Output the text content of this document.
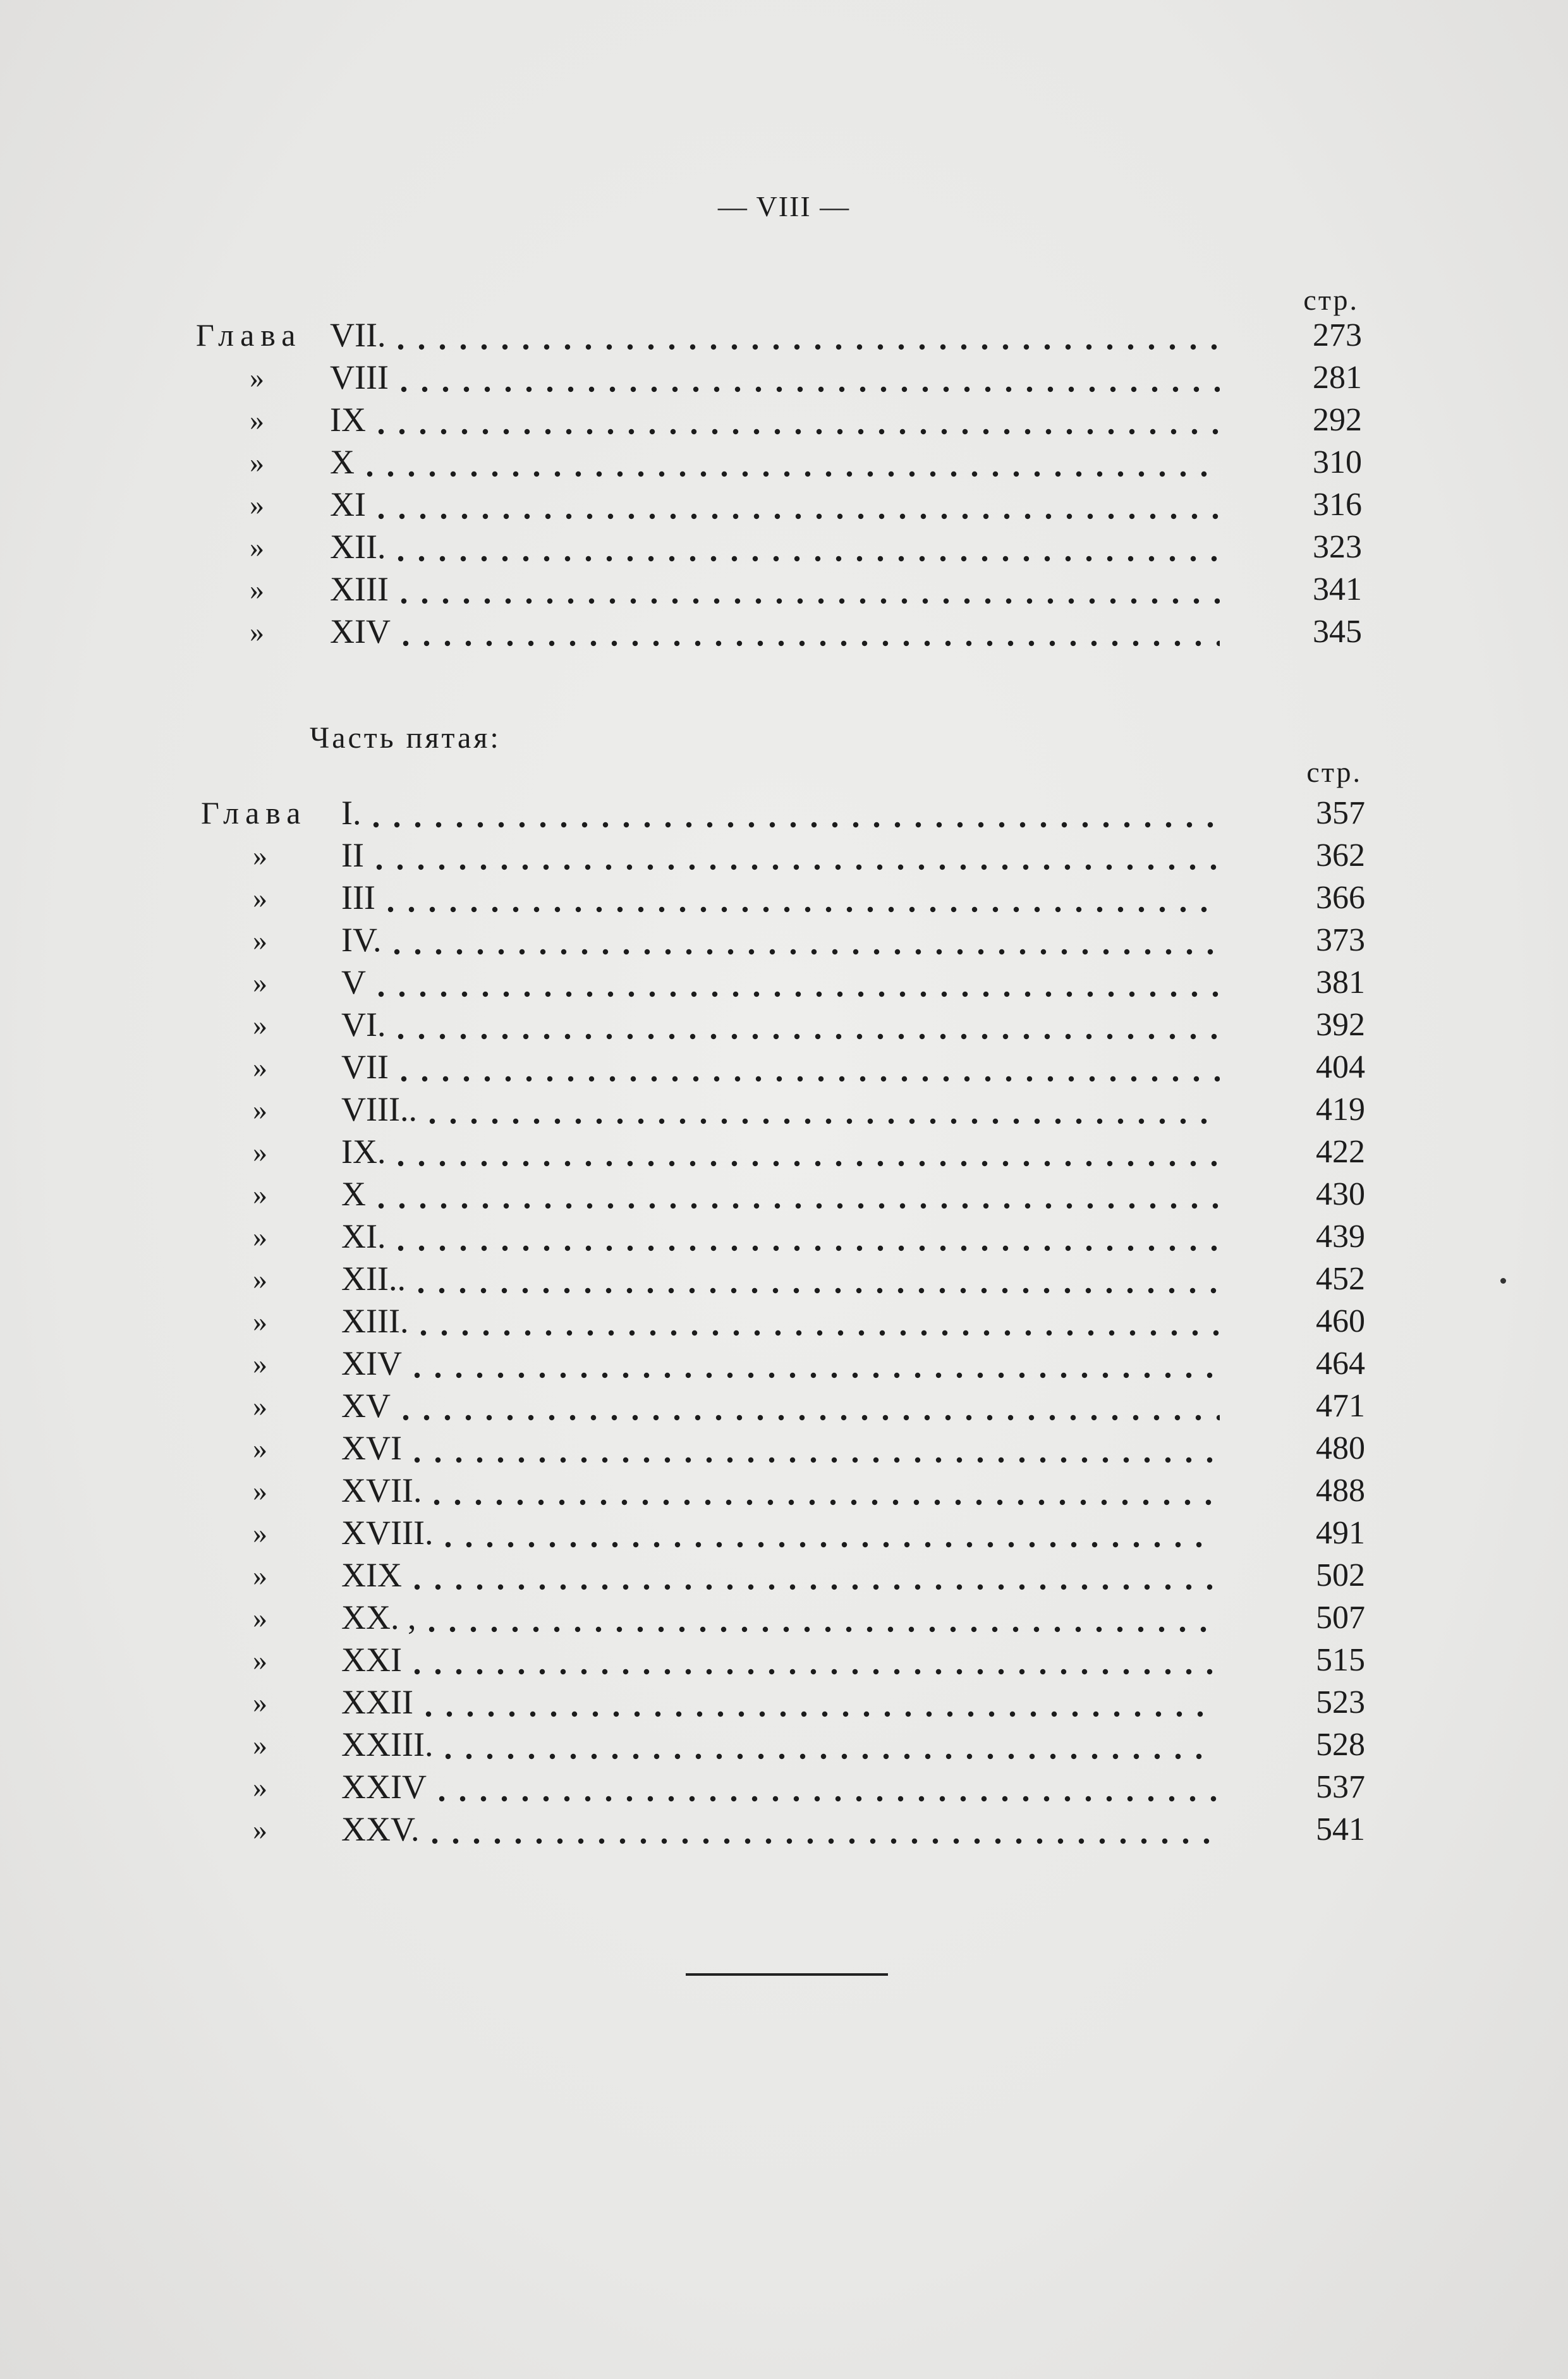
— VIII —
стр.
Глава VII.	273
» VIII	281
» IX	292
» X	310
» XI	316
» XII.	323
» XIII	341
» XIV	345
Часть пятая:
стр.
Глава I.	357
» II	362
» III	366
» IV.	373
» V	381
» VI.	392
» VII	404
» VIII..	419
» IX.	422
» X	430
» XI.	439
» XII..	452
» XIII.	460
» XIV	464
» XV	471
» XVI	480
» XVII.	488
» XVIII.	491
» XIX	502
» XX. ,	507
» XXI	515
» XXII	523
» XXIII.	528
» XXIV	537
» XXV.	541
